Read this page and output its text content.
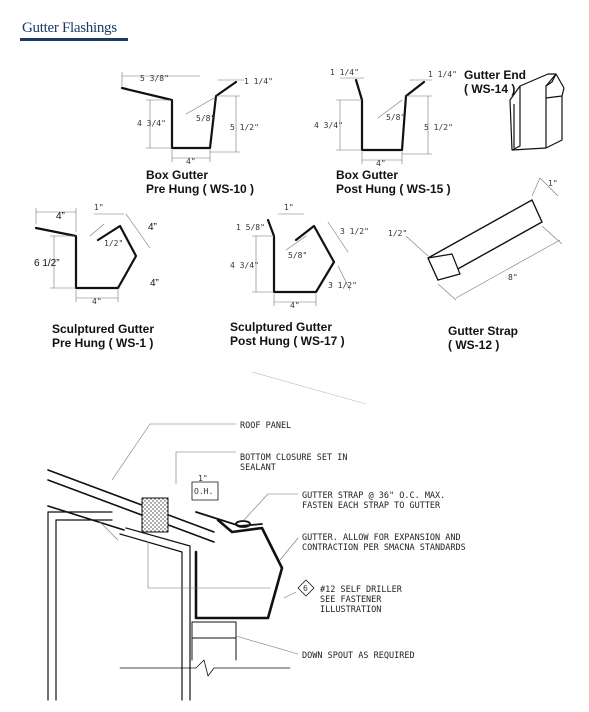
Gutter Flashings
5 3/8"	1 1/4"
4 3/4"
5/8"
5 1/2"
4"
1 1/4"	1 1/4"
4 3/4"
5/8"
5 1/2"
4"
4”
1"
1/2"
4”
6 1/2”
4”
4"
1"
1 5/8"	3 1/2"
5/8"
4 3/4"
3 1/2"
4"
1"
1/2"
8"
1"
O.H.
6
ROOF PANEL
BOTTOM CLOSURE SET IN
SEALANT
GUTTER STRAP @ 36" O.C. MAX.
FASTEN EACH STRAP TO GUTTER
GUTTER. ALLOW FOR EXPANSION AND
CONTRACTION PER SMACNA STANDARDS
#12 SELF DRILLER
SEE FASTENER
ILLUSTRATION
DOWN SPOUT AS REQUIRED
Box Gutter
Pre Hung ( WS-10 )
Box Gutter
Post Hung ( WS-15 )
Gutter End
( WS-14 )
Sculptured Gutter
Pre Hung ( WS-1 )
Sculptured Gutter
Post Hung ( WS-17 )
Gutter Strap
( WS-12 )
